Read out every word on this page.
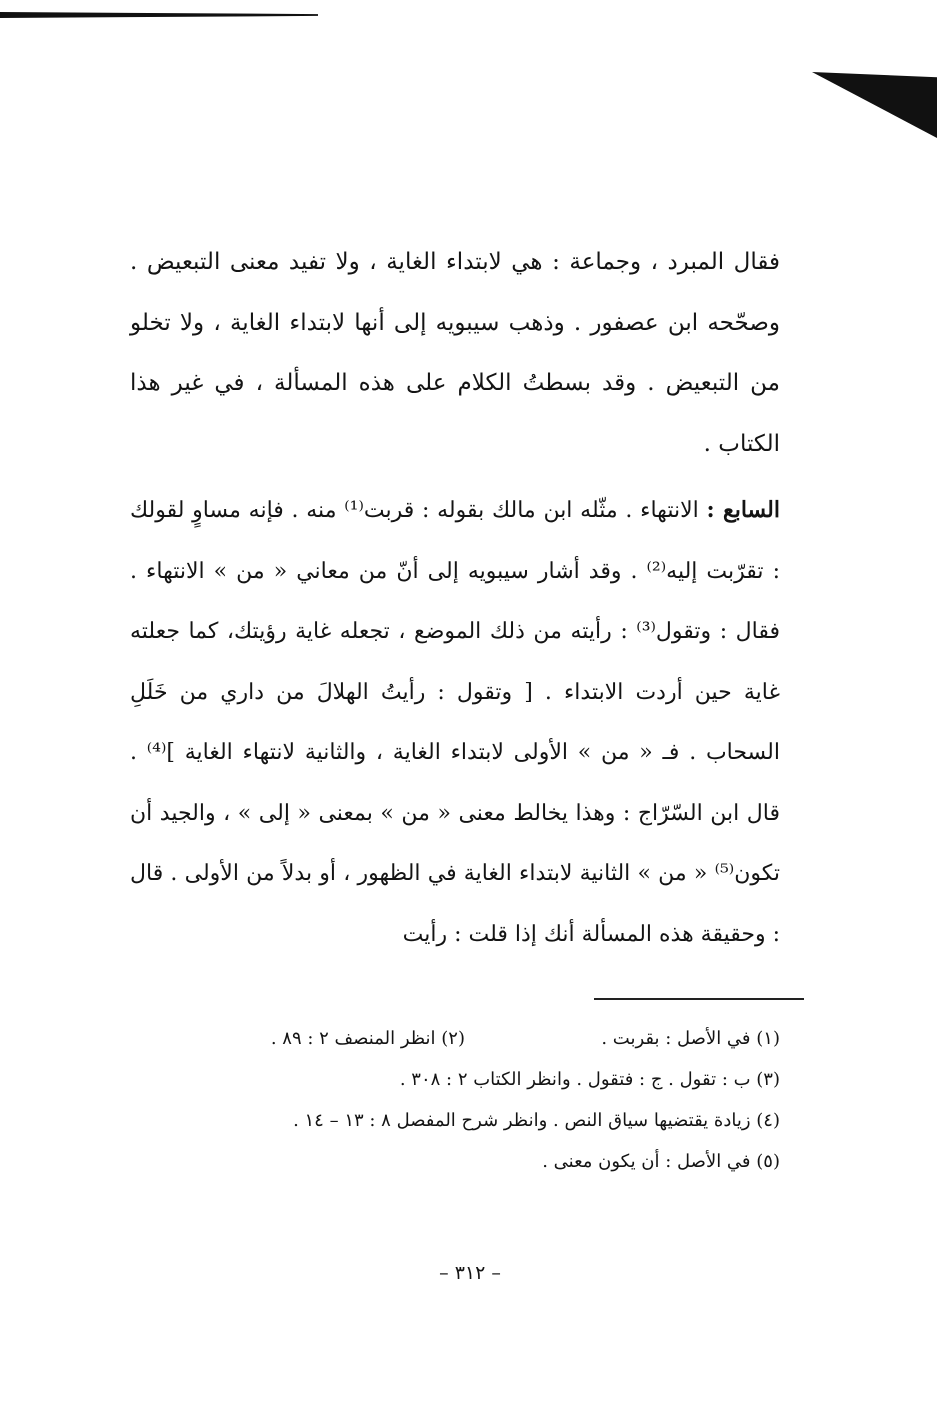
فقال المبرد ، وجماعة : هي لابتداء الغاية ، ولا تفيد معنى التبعيض . وصحّحه ابن عصفور . وذهب سيبويه إلى أنها لابتداء الغاية ، ولا تخلو من التبعيض . وقد بسطتُ الكلام على هذه المسألة ، في غير هذا الكتاب .
السابع : الانتهاء . مثّله ابن مالك بقوله : قربت⁽¹⁾ منه . فإنه مساوٍ لقولك : تقرّبت إليه⁽²⁾ . وقد أشار سيبويه إلى أنّ من معاني « من » الانتهاء . فقال : وتقول⁽³⁾ : رأيته من ذلك الموضع ، تجعله غاية رؤيتك، كما جعلته غاية حين أردت الابتداء . [ وتقول : رأيتُ الهلالَ من داري من خَلَلِ السحاب . فـ « من » الأولى لابتداء الغاية ، والثانية لانتهاء الغاية ]⁽⁴⁾ . قال ابن السّرّاج : وهذا يخالط معنى « من » بمعنى « إلى » ، والجيد أن تكون⁽⁵⁾ « من » الثانية لابتداء الغاية في الظهور ، أو بدلاً من الأولى . قال : وحقيقة هذه المسألة أنك إذا قلت : رأيت
(١) في الأصل : بقربت .
(٢) انظر المنصف ٢ : ٨٩ .
(٣) ب : تقول . ج : فتقول . وانظر الكتاب ٢ : ٣٠٨ .
(٤) زيادة يقتضيها سياق النص . وانظر شرح المفصل ٨ : ١٣ – ١٤ .
(٥) في الأصل : أن يكون معنى .
– ٣١٢ –
